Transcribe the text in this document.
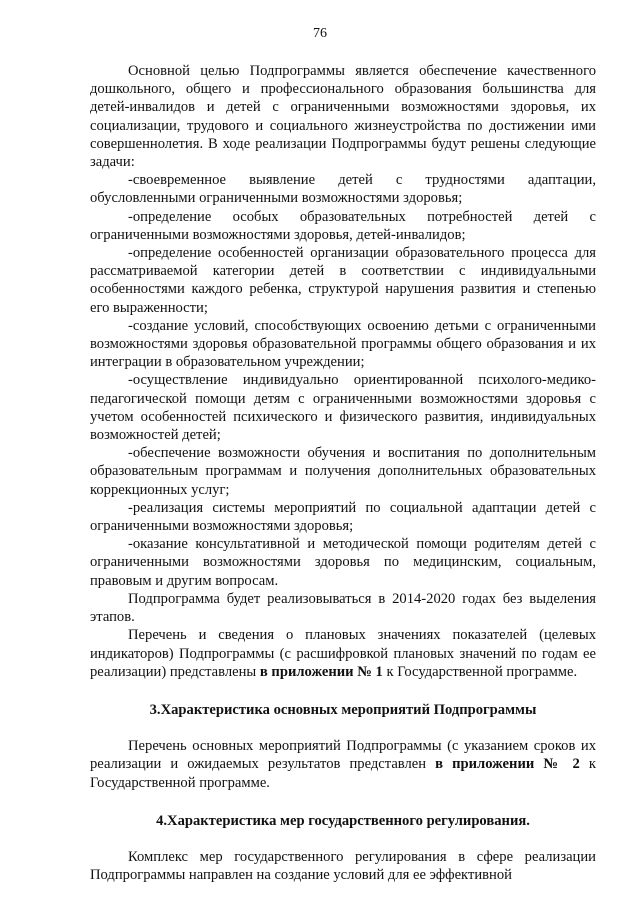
76

Основной целью Подпрограммы является обеспечение качественного дошкольного, общего и профессионального образования большинства для детей-инвалидов и детей с ограниченными возможностями здоровья, их социализации, трудового и социального жизнеустройства по достижении ими совершеннолетия. В ходе реализации Подпрограммы будут решены следующие задачи:

-своевременное выявление детей с трудностями адаптации, обусловленными ограниченными возможностями здоровья;

-определение особых образовательных потребностей детей с ограниченными возможностями здоровья, детей-инвалидов;

-определение особенностей организации образовательного процесса для рассматриваемой категории детей в соответствии с индивидуальными особенностями каждого ребенка, структурой нарушения развития и степенью его выраженности;

-создание условий, способствующих освоению детьми с ограниченными возможностями здоровья образовательной программы общего образования и их интеграции в образовательном учреждении;

-осуществление индивидуально ориентированной психолого-медико-педагогической помощи детям с ограниченными возможностями здоровья с учетом особенностей психического и физического развития, индивидуальных возможностей детей;

-обеспечение возможности обучения и воспитания по дополнительным образовательным программам и получения дополнительных образовательных коррекционных услуг;

-реализация системы мероприятий по социальной адаптации детей с ограниченными возможностями здоровья;

-оказание консультативной и методической помощи родителям детей с ограниченными возможностями здоровья по медицинским, социальным, правовым и другим вопросам.

Подпрограмма будет реализовываться в 2014-2020 годах без выделения этапов.

Перечень и сведения о плановых значениях показателей (целевых индикаторов) Подпрограммы (с расшифровкой плановых значений по годам ее реализации) представлены в приложении № 1 к Государственной программе.

3.Характеристика основных мероприятий Подпрограммы

Перечень основных мероприятий Подпрограммы (с указанием сроков их реализации и ожидаемых результатов представлен в приложении № 2 к Государственной программе.

4.Характеристика мер государственного регулирования.

Комплекс мер государственного регулирования в сфере реализации Подпрограммы направлен на создание условий для ее эффективной
